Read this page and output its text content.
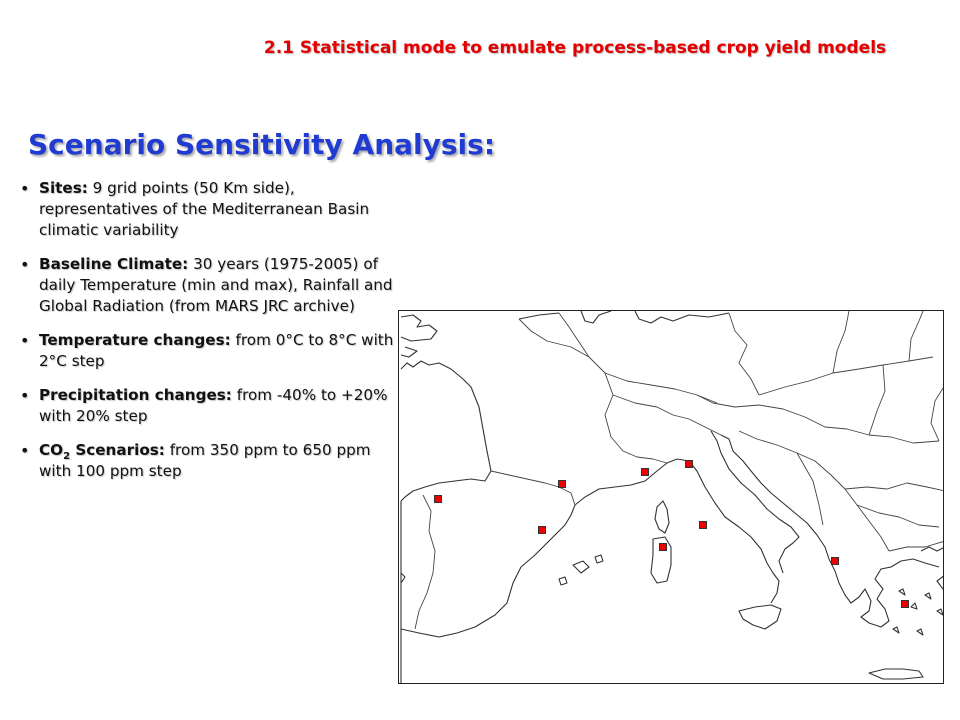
2.1 Statistical mode to emulate process-based crop yield models
Scenario Sensitivity Analysis:
• Sites: 9 grid points (50 Km side), representatives of the Mediterranean Basin climatic variability
• Baseline Climate: 30 years (1975-2005) of daily Temperature (min and max), Rainfall and Global Radiation (from MARS JRC archive)
• Temperature changes: from 0°C to 8°C with 2°C step
• Precipitation changes: from -40% to +20% with 20% step
• $CO_2$ Scenarios: from 350 ppm to 650 ppm with 100 ppm step
